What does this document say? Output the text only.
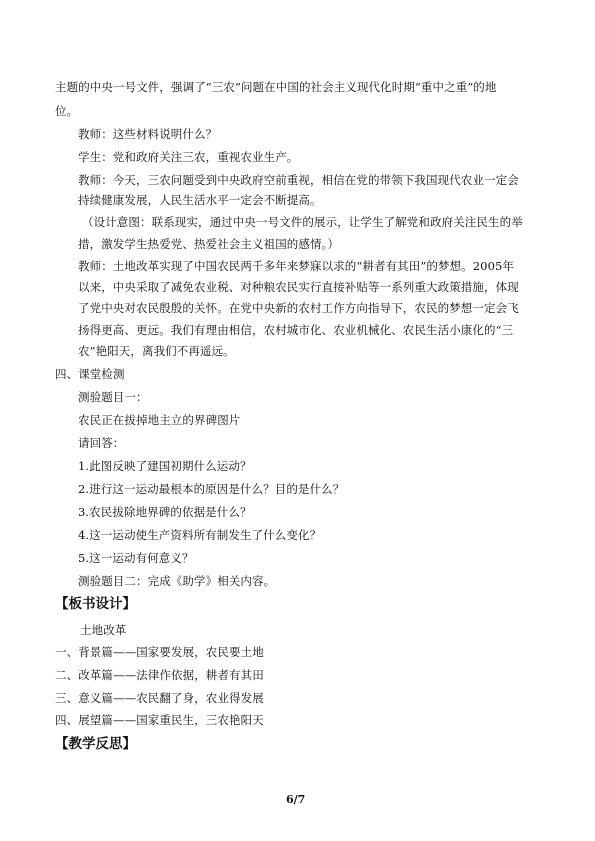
主题的中央一号文件，强调了“三农”问题在中国的社会主义现代化时期“重中之重”的地
位。
教师：这些材料说明什么？
学生：党和政府关注三农，重视农业生产。
教师：今天，三农问题受到中央政府空前重视，相信在党的带领下我国现代农业一定会
持续健康发展，人民生活水平一定会不断提高。
（设计意图：联系现实，通过中央一号文件的展示，让学生了解党和政府关注民生的举
措，激发学生热爱党、热爱社会主义祖国的感情。）
教师：土地改革实现了中国农民两千多年来梦寐以求的“耕者有其田”的梦想。2005年
以来，中央采取了减免农业税、对种粮农民实行直接补贴等一系列重大政策措施，体现
了党中央对农民殷殷的关怀。在党中央新的农村工作方向指导下，农民的梦想一定会飞
扬得更高、更远。我们有理由相信，农村城市化、农业机械化、农民生活小康化的“三
农”艳阳天，离我们不再遥远。
四、课堂检测
测验题目一：
农民正在拔掉地主立的界碑图片
请回答：
1.此图反映了建国初期什么运动？
2.进行这一运动最根本的原因是什么？目的是什么？
3.农民拔除地界碑的依据是什么？
4.这一运动使生产资料所有制发生了什么变化？
5.这一运动有何意义？
测验题目二：完成《助学》相关内容。
【板书设计】
土地改革
一、背景篇——国家要发展，农民要土地
二、改革篇——法律作依据，耕者有其田
三、意义篇——农民翻了身，农业得发展
四、展望篇——国家重民生，三农艳阳天
【教学反思】
6/7
